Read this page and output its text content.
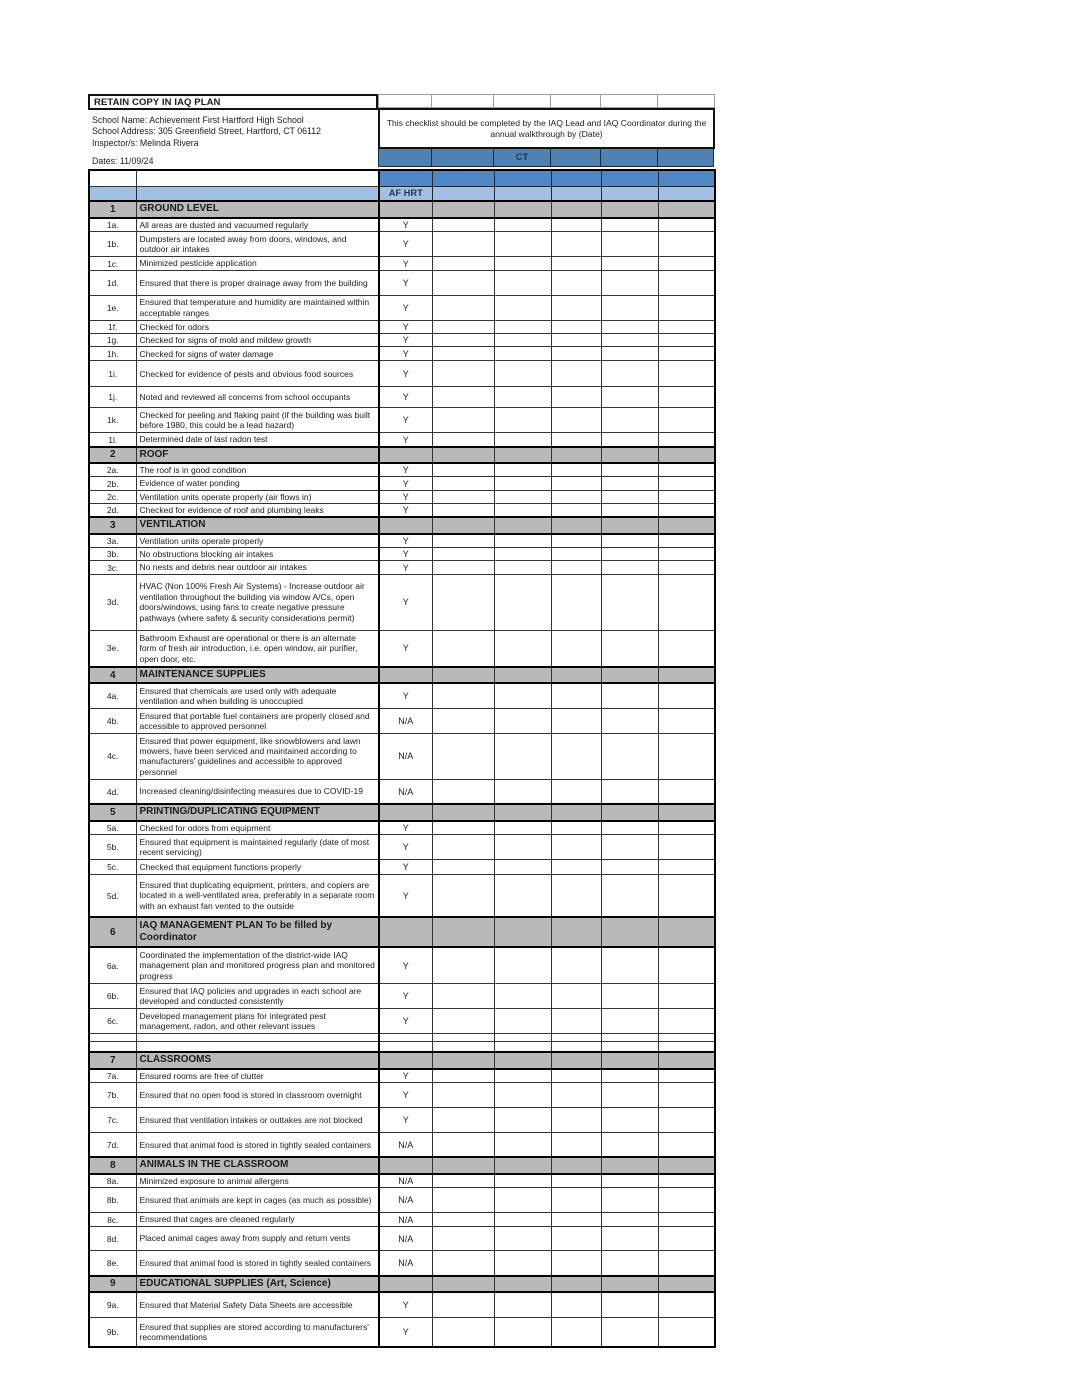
RETAIN COPY IN IAQ PLAN
School Name: Achievement First Hartford High School
School Address: 305 Greenfield Street, Hartford, CT 06112
Inspector/s: Melinda Rivera
Dates: 11/09/24
This checklist should be completed by the IAQ Lead and IAQ Coordinator during the annual walkthrough by (Date)
CT

		AF HRT					
1	GROUND LEVEL						
1a.	All areas are dusted and vacuumed regularly	Y					
1b.	Dumpsters are located away from doors, windows, and outdoor air intakes	Y					
1c.	Minimized pesticide application	Y					
1d.	Ensured that there is proper drainage away from the building	Y					
1e.	Ensured that temperature and humidity are maintained within acceptable ranges	Y					
1f.	Checked for odors	Y					
1g.	Checked for signs of mold and mildew growth	Y					
1h.	Checked for signs of water damage	Y					
1i.	Checked for evidence of pests and obvious food sources	Y					
1j.	Noted and reviewed all concerns from school occupants	Y					
1k.	Checked for peeling and flaking paint (if the building was built before 1980, this could be a lead hazard)	Y					
1l.	Determined date of last radon test	Y					
2	ROOF						
2a.	The roof is in good condition	Y					
2b.	Evidence of water ponding	Y					
2c.	Ventilation units operate properly (air flows in)	Y					
2d.	Checked for evidence of roof and plumbing leaks	Y					
3	VENTILATION						
3a.	Ventilation units operate properly	Y					
3b.	No obstructions blocking air intakes	Y					
3c.	No nests and debris near outdoor air intakes	Y					
3d.	HVAC (Non 100% Fresh Air Systems) - Increase outdoor air ventilation throughout the building via window A/Cs, open doors/windows, using fans to create negative pressure pathways (where safety & security considerations permit)	Y					
3e.	Bathroom Exhaust are operational or there is an alternate form of fresh air introduction, i.e. open window, air purifier, open door, etc.	Y					
4	MAINTENANCE SUPPLIES						
4a.	Ensured that chemicals are used only with adequate ventilation and when building is unoccupied	Y					
4b.	Ensured that portable fuel containers are properly closed and accessible to approved personnel	N/A					
4c.	Ensured that power equipment, like snowblowers and lawn mowers, have been serviced and maintained according to manufacturers' guidelines and accessible to approved personnel	N/A					
4d.	Increased cleaning/disinfecting measures due to COVID-19	N/A					
5	PRINTING/DUPLICATING EQUIPMENT						
5a.	Checked for odors from equipment	Y					
5b.	Ensured that equipment is maintained regularly (date of most recent servicing)	Y					
5c.	Checked that equipment functions properly	Y					
5d.	Ensured that duplicating equipment, printers, and copiers are located in a well-ventilated area, preferably in a separate room with an exhaust fan vented to the outside	Y					
6	IAQ MANAGEMENT PLAN To be filled by Coordinator						
6a.	Coordinated the implementation of the district-wide IAQ management plan and monitored progress plan and monitored progress	Y					
6b.	Ensured that IAQ policies and upgrades in each school are developed and conducted consistently	Y					
6c.	Developed management plans for integrated pest management, radon, and other relevant issues	Y					

7	CLASSROOMS						
7a.	Ensured rooms are free of clutter	Y					
7b.	Ensured that no open food is stored in classroom overnight	Y					
7c.	Ensured that ventilation intakes or outtakes are not blocked	Y					
7d.	Ensured that animal food is stored in tightly sealed containers	N/A					
8	ANIMALS IN THE CLASSROOM						
8a.	Minimized exposure to animal allergens	N/A					
8b.	Ensured that animals are kept in cages (as much as possible)	N/A					
8c.	Ensured that cages are cleaned regularly	N/A					
8d.	Placed animal cages away from supply and return vents	N/A					
8e.	Ensured that animal food is stored in tightly sealed containers	N/A					
9	EDUCATIONAL SUPPLIES (Art, Science)						
9a.	Ensured that Material Safety Data Sheets are accessible	Y					
9b.	Ensured that supplies are stored according to manufacturers' recommendations	Y					
